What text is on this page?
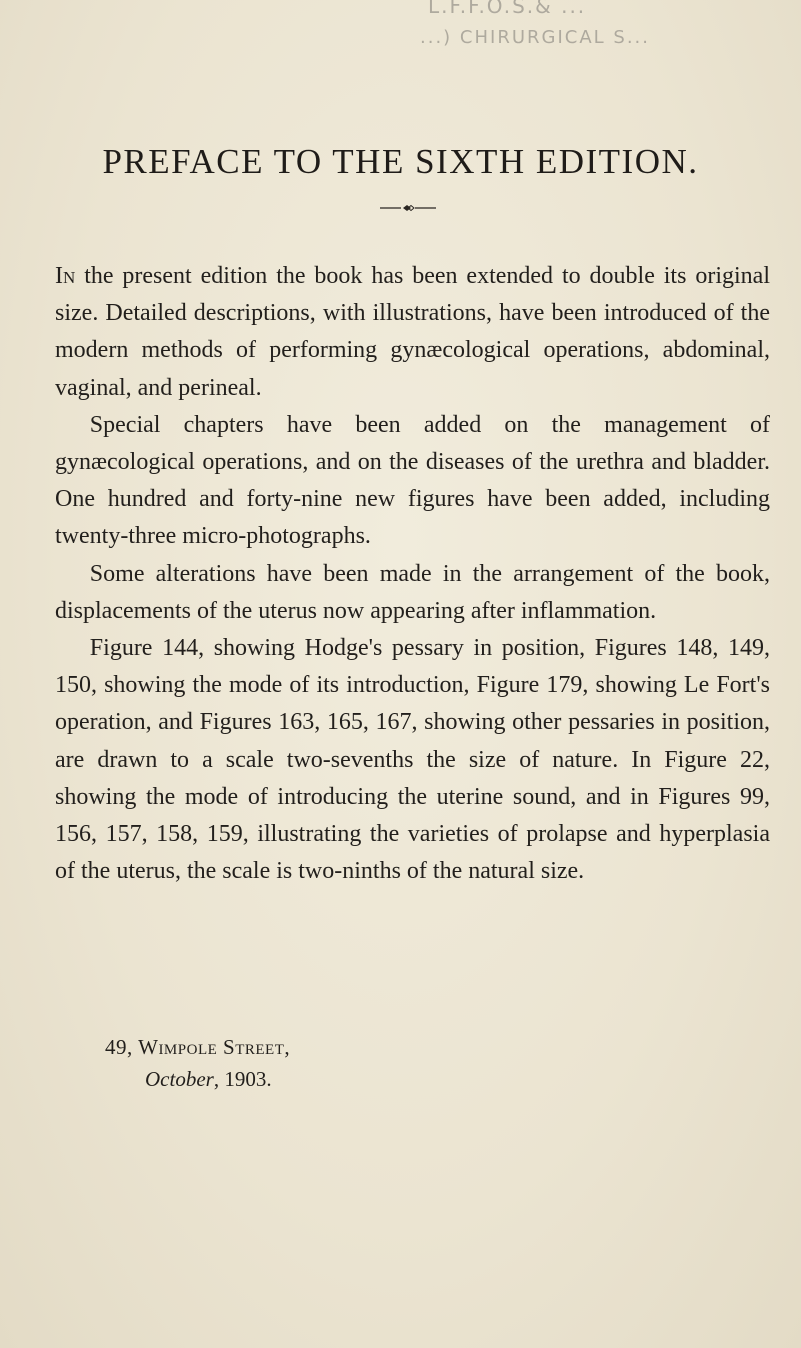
L.F.F.O.S.& ...
...) CHIRURGICAL S...
PREFACE TO THE SIXTH EDITION.

In the present edition the book has been extended to double its original size. Detailed descriptions, with illustrations, have been introduced of the modern methods of performing gynæcological operations, abdominal, vaginal, and perineal.

Special chapters have been added on the management of gynæcological operations, and on the diseases of the urethra and bladder. One hundred and forty-nine new figures have been added, including twenty-three micro-photographs.

Some alterations have been made in the arrangement of the book, displacements of the uterus now appearing after inflammation.

Figure 144, showing Hodge's pessary in position, Figures 148, 149, 150, showing the mode of its introduction, Figure 179, showing Le Fort's operation, and Figures 163, 165, 167, showing other pessaries in position, are drawn to a scale two-sevenths the size of nature. In Figure 22, showing the mode of introducing the uterine sound, and in Figures 99, 156, 157, 158, 159, illustrating the varieties of prolapse and hyperplasia of the uterus, the scale is two-ninths of the natural size.

49, Wimpole Street,
October, 1903.
